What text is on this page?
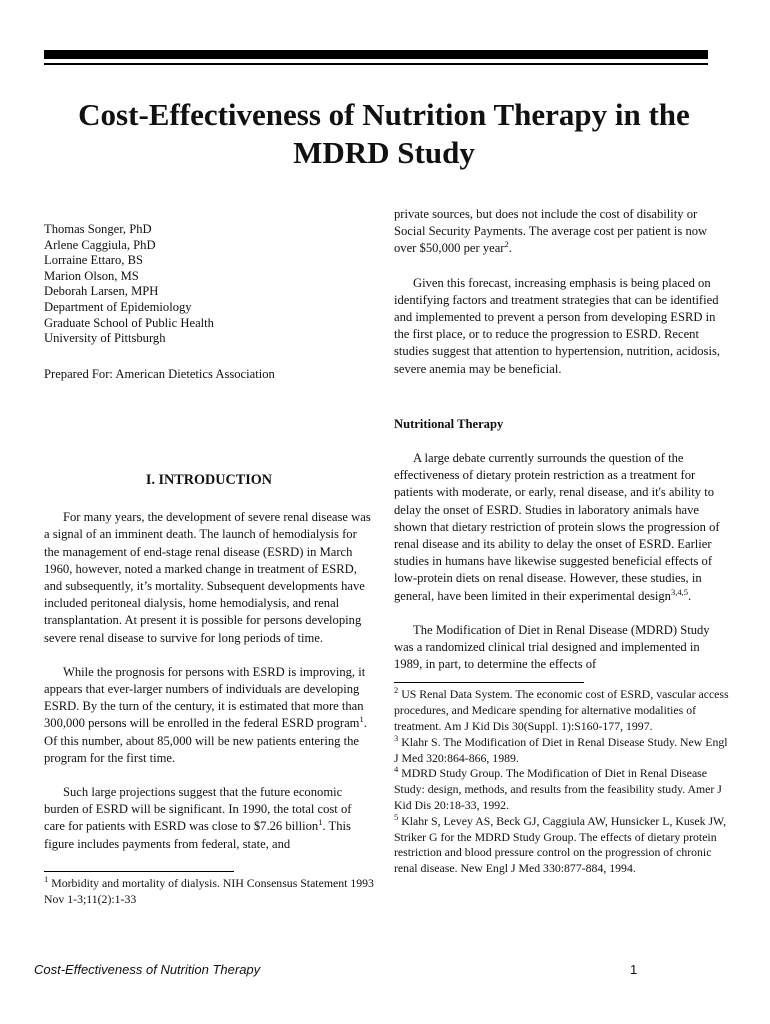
Cost-Effectiveness of Nutrition Therapy in the
MDRD Study
Thomas Songer, PhD
Arlene Caggiula, PhD
Lorraine Ettaro, BS
Marion Olson, MS
Deborah Larsen, MPH
Department of Epidemiology
Graduate School of Public Health
University of Pittsburgh
Prepared For: American Dietetics Association
I. INTRODUCTION

For many years, the development of severe renal disease was a signal of an imminent death. The launch of hemodialysis for the management of end-stage renal disease (ESRD) in March 1960, however, noted a marked change in treatment of ESRD, and subsequently, it’s mortality. Subsequent developments have included peritoneal dialysis, home hemodialysis, and renal transplantation. At present it is possible for persons developing severe renal disease to survive for long periods of time.

While the prognosis for persons with ESRD is improving, it appears that ever-larger numbers of individuals are developing ESRD. By the turn of the century, it is estimated that more than 300,000 persons will be enrolled in the federal ESRD program$^1$. Of this number, about 85,000 will be new patients entering the program for the first time.

Such large projections suggest that the future economic burden of ESRD will be significant. In 1990, the total cost of care for patients with ESRD was close to $7.26 billion$^1$. This figure includes payments from federal, state, and

$^1$ Morbidity and mortality of dialysis. NIH Consensus Statement 1993 Nov 1-3;11(2):1-33

private sources, but does not include the cost of disability or Social Security Payments. The average cost per patient is now over $50,000 per year$^2$.

Given this forecast, increasing emphasis is being placed on identifying factors and treatment strategies that can be identified and implemented to prevent a person from developing ESRD in the first place, or to reduce the progression to ESRD. Recent studies suggest that attention to hypertension, nutrition, acidosis, severe anemia may be beneficial.

Nutritional Therapy

A large debate currently surrounds the question of the effectiveness of dietary protein restriction as a treatment for patients with moderate, or early, renal disease, and it's ability to delay the onset of ESRD. Studies in laboratory animals have shown that dietary restriction of protein slows the progression of renal disease and its ability to delay the onset of ESRD. Earlier studies in humans have likewise suggested beneficial effects of low-protein diets on renal disease. However, these studies, in general, have been limited in their experimental design$^{3,4,5}$.

The Modification of Diet in Renal Disease (MDRD) Study was a randomized clinical trial designed and implemented in 1989, in part, to determine the effects of

$^2$ US Renal Data System. The economic cost of ESRD, vascular access procedures, and Medicare spending for alternative modalities of treatment. Am J Kid Dis 30(Suppl. 1):S160-177, 1997.

$^3$ Klahr S. The Modification of Diet in Renal Disease Study. New Engl J Med 320:864-866, 1989.

$^4$ MDRD Study Group. The Modification of Diet in Renal Disease Study: design, methods, and results from the feasibility study. Amer J Kid Dis 20:18-33, 1992.

$^5$ Klahr S, Levey AS, Beck GJ, Caggiula AW, Hunsicker L, Kusek JW, Striker G for the MDRD Study Group. The effects of dietary protein restriction and blood pressure control on the progression of chronic renal disease. New Engl J Med 330:877-884, 1994.

Cost-Effectiveness of Nutrition Therapy	1
